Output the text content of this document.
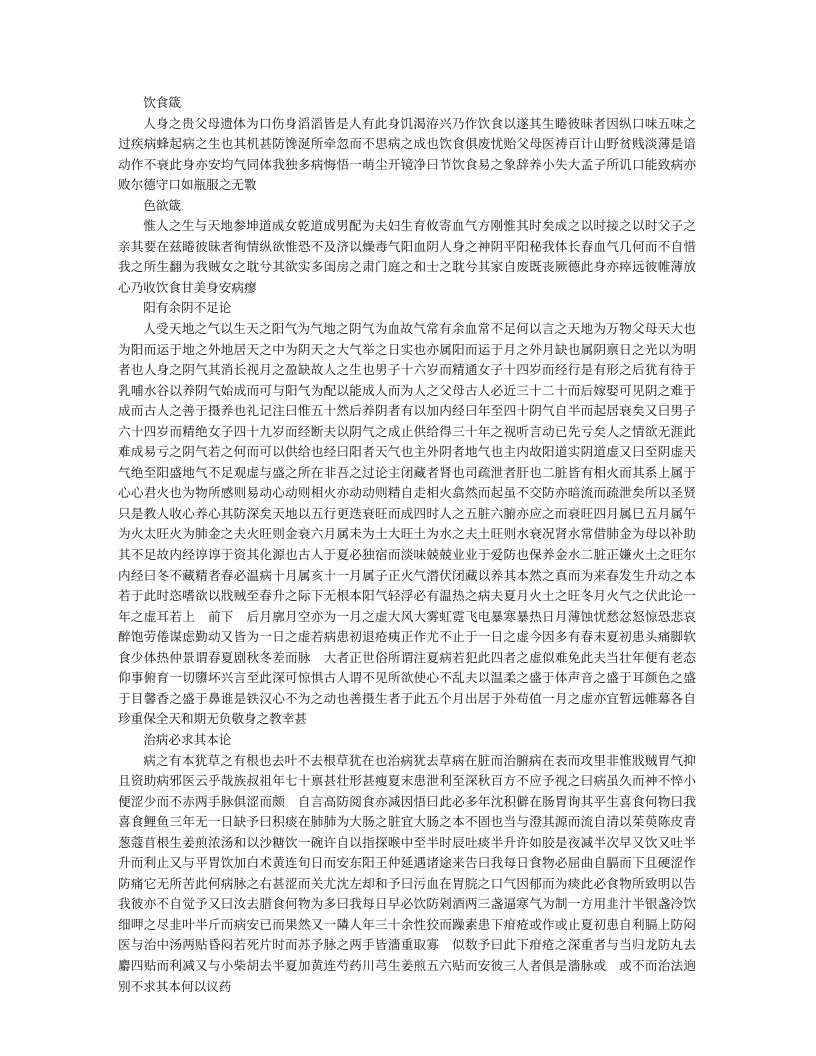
饮食箴

人身之贵父母遗体为口伤身滔滔皆是人有此身饥渴洊兴乃作饮食以遂其生睠彼昧者因纵口味五味之过疾病蜂起病之生也其机甚防馋涎所牵忽而不思病之成也饮食俱废忧贻父母医祷百计山野贫贱淡薄是谙动作不衰此身亦安均气同体我独多病悔悟一萌尘开镜净曰节饮食易之象辞养小失大孟子所讥口能致病亦败尔德守口如瓶服之无斁

色欲箴

惟人之生与天地参坤道成女乾道成男配为夫妇生育攸寄血气方刚惟其时矣成之以时接之以时父子之亲其要在兹睠彼昧者徇情纵欲惟恐不及济以燥毒气阳血阴人身之神阴平阳秘我体长春血气几何而不自惜我之所生翻为我贼女之耽兮其欲实多闺房之肃门庭之和士之耽兮其家自废既丧厥德此身亦瘁远彼帷薄放心乃收饮食甘美身安病瘳

阳有余阴不足论

人受天地之气以生天之阳气为气地之阴气为血故气常有余血常不足何以言之天地为万物父母天大也为阳而运于地之外地居天之中为阴天之大气举之日实也亦属阳而运于月之外月缺也属阴禀日之光以为明者也人身之阴气其消长视月之盈缺故人之生也男子十六岁而精通女子十四岁而经行是有形之后犹有待于乳哺水谷以养阴气始成而可与阳气为配以能成人而为人之父母古人必近三十二十而后嫁娶可见阴之难于成而古人之善于摄养也礼记注曰惟五十然后养阴者有以加内经曰年至四十阴气自半而起居衰矣又曰男子六十四岁而精绝女子四十九岁而经断夫以阴气之成止供给得三十年之视听言动已先亏矣人之情欲无涯此难成易亏之阴气若之何而可以供给也经曰阳者天气也主外阴者地气也主内故阳道实阴道虚又曰至阴虚天气绝至阳盛地气不足观虚与盛之所在非吾之过论主闭藏者肾也司疏泄者肝也二脏皆有相火而其系上属于心心君火也为物所感则易动心动则相火亦动动则精自走相火翕然而起虽不交防亦暗流而疏泄矣所以圣贤只是教人收心养心其防深矣天地以五行更迭衰旺而成四时人之五脏六腑亦应之而衰旺四月属巳五月属午为火太旺火为肺金之夫火旺则金衰六月属未为土大旺土为水之夫土旺则水衰况肾水常借肺金为母以补助其不足故内经谆谆于资其化源也古人于夏必独宿而淡味兢兢业业于爱防也保养金水二脏正嫌火土之旺尔内经曰冬不藏精者春必温病十月属亥十一月属子正火气潜伏闭藏以养其本然之真而为来春发生升动之本若于此时恣嗜欲以戕贼至春升之际下无根本阳气轻浮必有温热之病夫夏月火土之旺冬月火气之伏此论一年之虚耳若上　前下　后月廓月空亦为一月之虚大风大雾虹霓飞电暴寒暴热日月薄蚀忧愁忿怒惊恐悲哀醉饱劳倦谋虑勤动又皆为一日之虚若病患初退疮痍正作尤不止于一日之虚今因多有春末夏初患头痛脚软食少体热仲景谓春夏剧秋冬差而脉　大者正世俗所谓注夏病若犯此四者之虚似难免此夫当壮年便有老态仰事俯育一切隳坏兴言至此深可惊惧古人谓不见所欲使心不乱夫以温柔之盛于体声音之盛于耳颜色之盛于目馨香之盛于鼻谁是铁汉心不为之动也善摄生者于此五个月出居于外苟值一月之虚亦宜暂远帷幕各自珍重保全天和期无负敬身之教幸甚

治病必求其本论

病之有本犹草之有根也去叶不去根草犹在也治病犹去草病在脏而治腑病在表而攻里非惟戕贼胃气抑且资助病邪医云乎哉族叔祖年七十禀甚壮形甚瘦夏末患泄利至深秋百方不应予视之曰病虽久而神不悴小便涩少而不赤两手脉俱涩而颇　自言高防阅食亦减因悟曰此必多年沈积僻在肠胃询其平生喜食何物曰我喜食鲤鱼三年无一日缺予曰积痰在肺肺为大肠之脏宜大肠之本不固也当与澄其源而流自清以茱萸陈皮青葱蔻苜根生姜煎浓汤和以沙糖饮一碗许自以指探喉中至半时辰吐痰半升许如胶是夜减半次早又饮又吐半升而利止又与平胃饮加白术黄连旬日而安东阳王仲延遇诸途来告曰我每日食物必屈曲自膈而下且硬涩作防痛它无所苦此何病脉之右甚涩而关尤沈左却和予曰污血在胃脘之口气因郁而为痰此必食物所致明以告我彼亦不自觉予又曰汝去腊食何物为多曰我每日早必饮防剁酒两三盏逼寒气为制一方用韭汁半银盏冷饮细呷之尽韭叶半斤而病安已而果然又一隣人年三十余性狡而躁素患下疳疮或作或止夏初患自利膈上防闷医与治中汤两贴昏闷若死片时而苏予脉之两手皆濇重取寡　似数予曰此下疳疮之深重者与当归龙防丸去麝四贴而利减又与小柴胡去半夏加黄连芍药川芎生姜煎五六贴而安彼三人者俱是濇脉或　或不而治法逈别不求其本何以议药
